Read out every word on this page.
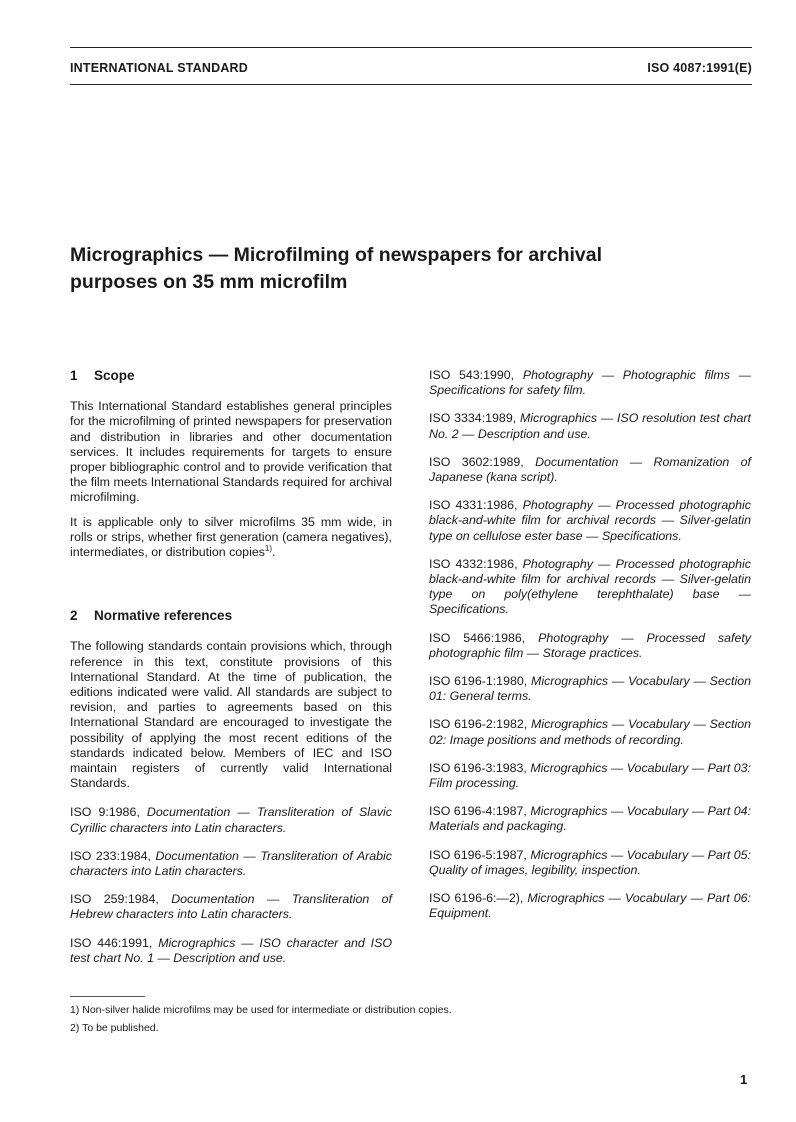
INTERNATIONAL STANDARD	ISO 4087:1991(E)
Micrographics — Microfilming of newspapers for archival
purposes on 35 mm microfilm
1 Scope

This International Standard establishes general principles for the microfilming of printed newspapers for preservation and distribution in libraries and other documentation services. It includes requirements for targets to ensure proper bibliographic control and to provide verification that the film meets International Standards required for archival microfilming.

It is applicable only to silver microfilms 35 mm wide, in rolls or strips, whether first generation (camera negatives), intermediates, or distribution copies$^{1)}$.

2 Normative references

The following standards contain provisions which, through reference in this text, constitute provisions of this International Standard. At the time of publication, the editions indicated were valid. All standards are subject to revision, and parties to agreements based on this International Standard are encouraged to investigate the possibility of applying the most recent editions of the standards indicated below. Members of IEC and ISO maintain registers of currently valid International Standards.

ISO 9:1986, Documentation — Transliteration of Slavic Cyrillic characters into Latin characters.
ISO 233:1984, Documentation — Transliteration of Arabic characters into Latin characters.
ISO 259:1984, Documentation — Transliteration of Hebrew characters into Latin characters.
ISO 446:1991, Micrographics — ISO character and ISO test chart No. 1 — Description and use.
ISO 543:1990, Photography — Photographic films — Specifications for safety film.
ISO 3334:1989, Micrographics — ISO resolution test chart No. 2 — Description and use.
ISO 3602:1989, Documentation — Romanization of Japanese (kana script).
ISO 4331:1986, Photography — Processed photographic black-and-white film for archival records — Silver-gelatin type on cellulose ester base — Specifications.
ISO 4332:1986, Photography — Processed photographic black-and-white film for archival records — Silver-gelatin type on poly(ethylene terephthalate) base — Specifications.
ISO 5466:1986, Photography — Processed safety photographic film — Storage practices.
ISO 6196-1:1980, Micrographics — Vocabulary — Section 01: General terms.
ISO 6196-2:1982, Micrographics — Vocabulary — Section 02: Image positions and methods of recording.
ISO 6196-3:1983, Micrographics — Vocabulary — Part 03: Film processing.
ISO 6196-4:1987, Micrographics — Vocabulary — Part 04: Materials and packaging.
ISO 6196-5:1987, Micrographics — Vocabulary — Part 05: Quality of images, legibility, inspection.
ISO 6196-6:—2), Micrographics — Vocabulary — Part 06: Equipment.
1) Non-silver halide microfilms may be used for intermediate or distribution copies.
2) To be published.
1
